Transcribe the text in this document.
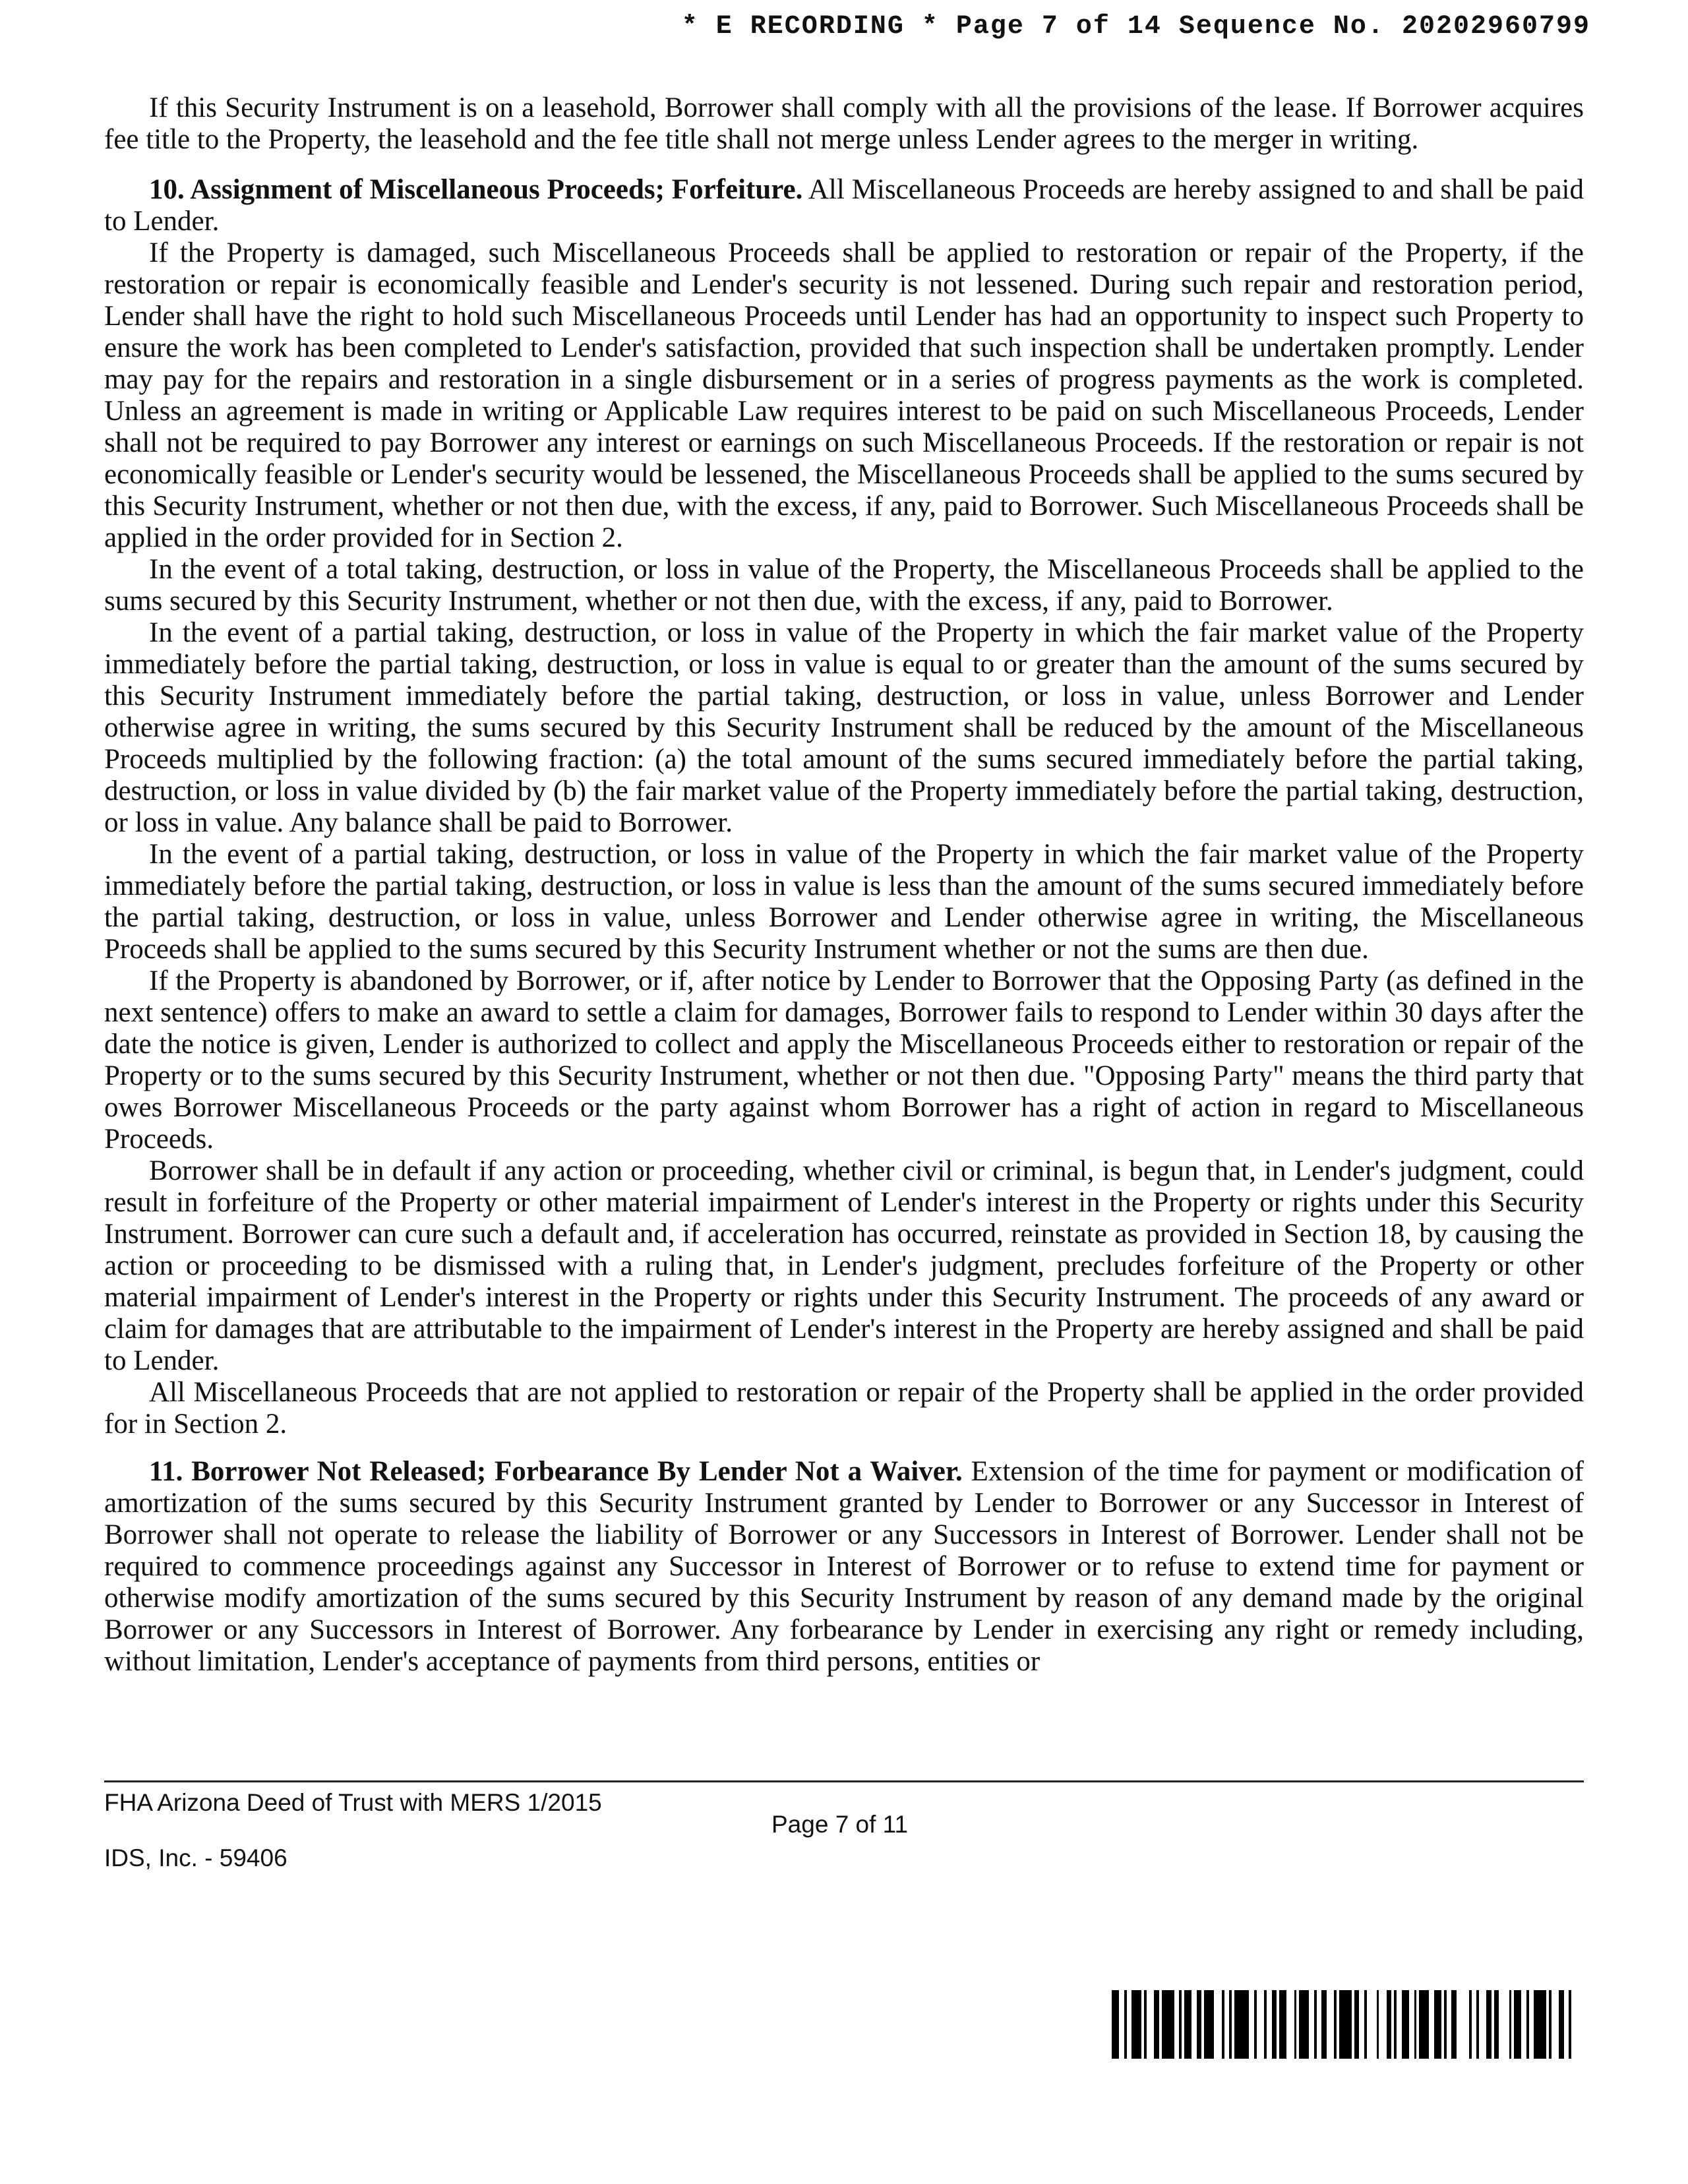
* E RECORDING * Page 7 of 14 Sequence No. 20202960799

If this Security Instrument is on a leasehold, Borrower shall comply with all the provisions of the lease. If Borrower acquires fee title to the Property, the leasehold and the fee title shall not merge unless Lender agrees to the merger in writing.

10. Assignment of Miscellaneous Proceeds; Forfeiture. All Miscellaneous Proceeds are hereby assigned to and shall be paid to Lender.

If the Property is damaged, such Miscellaneous Proceeds shall be applied to restoration or repair of the Property, if the restoration or repair is economically feasible and Lender's security is not lessened. During such repair and restoration period, Lender shall have the right to hold such Miscellaneous Proceeds until Lender has had an opportunity to inspect such Property to ensure the work has been completed to Lender's satisfaction, provided that such inspection shall be undertaken promptly. Lender may pay for the repairs and restoration in a single disbursement or in a series of progress payments as the work is completed. Unless an agreement is made in writing or Applicable Law requires interest to be paid on such Miscellaneous Proceeds, Lender shall not be required to pay Borrower any interest or earnings on such Miscellaneous Proceeds. If the restoration or repair is not economically feasible or Lender's security would be lessened, the Miscellaneous Proceeds shall be applied to the sums secured by this Security Instrument, whether or not then due, with the excess, if any, paid to Borrower. Such Miscellaneous Proceeds shall be applied in the order provided for in Section 2.

In the event of a total taking, destruction, or loss in value of the Property, the Miscellaneous Proceeds shall be applied to the sums secured by this Security Instrument, whether or not then due, with the excess, if any, paid to Borrower.

In the event of a partial taking, destruction, or loss in value of the Property in which the fair market value of the Property immediately before the partial taking, destruction, or loss in value is equal to or greater than the amount of the sums secured by this Security Instrument immediately before the partial taking, destruction, or loss in value, unless Borrower and Lender otherwise agree in writing, the sums secured by this Security Instrument shall be reduced by the amount of the Miscellaneous Proceeds multiplied by the following fraction: (a) the total amount of the sums secured immediately before the partial taking, destruction, or loss in value divided by (b) the fair market value of the Property immediately before the partial taking, destruction, or loss in value. Any balance shall be paid to Borrower.

In the event of a partial taking, destruction, or loss in value of the Property in which the fair market value of the Property immediately before the partial taking, destruction, or loss in value is less than the amount of the sums secured immediately before the partial taking, destruction, or loss in value, unless Borrower and Lender otherwise agree in writing, the Miscellaneous Proceeds shall be applied to the sums secured by this Security Instrument whether or not the sums are then due.

If the Property is abandoned by Borrower, or if, after notice by Lender to Borrower that the Opposing Party (as defined in the next sentence) offers to make an award to settle a claim for damages, Borrower fails to respond to Lender within 30 days after the date the notice is given, Lender is authorized to collect and apply the Miscellaneous Proceeds either to restoration or repair of the Property or to the sums secured by this Security Instrument, whether or not then due. "Opposing Party" means the third party that owes Borrower Miscellaneous Proceeds or the party against whom Borrower has a right of action in regard to Miscellaneous Proceeds.

Borrower shall be in default if any action or proceeding, whether civil or criminal, is begun that, in Lender's judgment, could result in forfeiture of the Property or other material impairment of Lender's interest in the Property or rights under this Security Instrument. Borrower can cure such a default and, if acceleration has occurred, reinstate as provided in Section 18, by causing the action or proceeding to be dismissed with a ruling that, in Lender's judgment, precludes forfeiture of the Property or other material impairment of Lender's interest in the Property or rights under this Security Instrument. The proceeds of any award or claim for damages that are attributable to the impairment of Lender's interest in the Property are hereby assigned and shall be paid to Lender.

All Miscellaneous Proceeds that are not applied to restoration or repair of the Property shall be applied in the order provided for in Section 2.

11. Borrower Not Released; Forbearance By Lender Not a Waiver. Extension of the time for payment or modification of amortization of the sums secured by this Security Instrument granted by Lender to Borrower or any Successor in Interest of Borrower shall not operate to release the liability of Borrower or any Successors in Interest of Borrower. Lender shall not be required to commence proceedings against any Successor in Interest of Borrower or to refuse to extend time for payment or otherwise modify amortization of the sums secured by this Security Instrument by reason of any demand made by the original Borrower or any Successors in Interest of Borrower. Any forbearance by Lender in exercising any right or remedy including, without limitation, Lender's acceptance of payments from third persons, entities or

FHA Arizona Deed of Trust with MERS 1/2015
IDS, Inc. - 59406
Page 7 of 11
